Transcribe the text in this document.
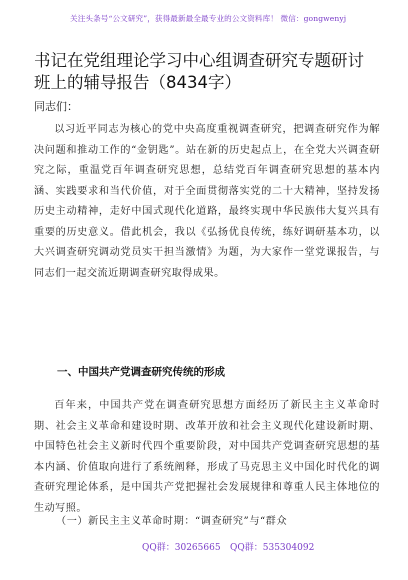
关注头条号“公文研究”，获得最新最全最专业的公文资料库！ 微信：gongwenyj
书记在党组理论学习中心组调查研究专题研讨班上的辅导报告（8434字）
同志们：

以习近平同志为核心的党中央高度重视调查研究，把调查研究作为解决问题和推动工作的“金钥匙”。站在新的历史起点上，在全党大兴调查研究之际，重温党百年调查研究思想，总结党百年调查研究思想的基本内涵、实践要求和当代价值，对于全面贯彻落实党的二十大精神，坚持发扬历史主动精神，走好中国式现代化道路，最终实现中华民族伟大复兴具有重要的历史意义。借此机会，我以《弘扬优良传统，练好调研基本功，以大兴调查研究调动党员实干担当激情》为题，为大家作一堂党课报告，与同志们一起交流近期调查研究取得成果。

一、中国共产党调查研究传统的形成

百年来，中国共产党在调查研究思想方面经历了新民主主义革命时期、社会主义革命和建设时期、改革开放和社会主义现代化建设新时期、中国特色社会主义新时代四个重要阶段，对中国共产党调查研究思想的基本内涵、价值取向进行了系统阐释，形成了马克思主义中国化时代化的调查研究理论体系，是中国共产党把握社会发展规律和尊重人民主体地位的生动写照。

（一）新民主主义革命时期：“调查研究”与“群众

QQ群：30265665 QQ群：535304092
